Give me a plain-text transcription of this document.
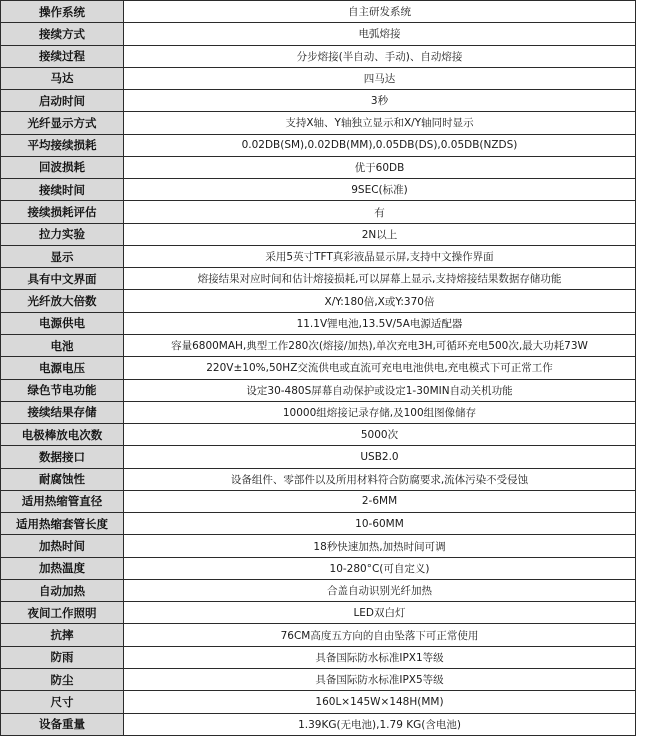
操作系统	自主研发系统
接续方式	电弧熔接
接续过程	分步熔接(半自动、手动)、自动熔接
马达	四马达
启动时间	3秒
光纤显示方式	支持X轴、Y轴独立显示和X/Y轴同时显示
平均接续损耗	0.02DB(SM),0.02DB(MM),0.05DB(DS),0.05DB(NZDS)
回波损耗	优于60DB
接续时间	9SEC(标准)
接续损耗评估	有
拉力实验	2N以上
显示	采用5英寸TFT真彩液晶显示屏,支持中文操作界面
具有中文界面	熔接结果对应时间和估计熔接损耗,可以屏幕上显示,支持熔接结果数据存储功能
光纤放大倍数	X/Y:180倍,X或Y:370倍
电源供电	11.1V锂电池,13.5V/5A电源适配器
电池	容量6800MAH,典型工作280次(熔接/加热),单次充电3H,可循环充电500次,最大功耗73W
电源电压	220V±10%,50HZ交流供电或直流可充电电池供电,充电模式下可正常工作
绿色节电功能	设定30-480S屏幕自动保护或设定1-30MIN自动关机功能
接续结果存储	10000组熔接记录存储,及100组图像储存
电极棒放电次数	5000次
数据接口	USB2.0
耐腐蚀性	设备组件、零部件以及所用材料符合防腐要求,流体污染不受侵蚀
适用热缩管直径	2-6MM
适用热缩套管长度	10-60MM
加热时间	18秒快速加热,加热时间可调
加热温度	10-280°C(可自定义)
自动加热	合盖自动识别光纤加热
夜间工作照明	LED双白灯
抗摔	76CM高度五方向的自由坠落下可正常使用
防雨	具备国际防水标准IPX1等级
防尘	具备国际防水标准IPX5等级
尺寸	160L×145W×148H(MM)
设备重量	1.39KG(无电池),1.79 KG(含电池)
